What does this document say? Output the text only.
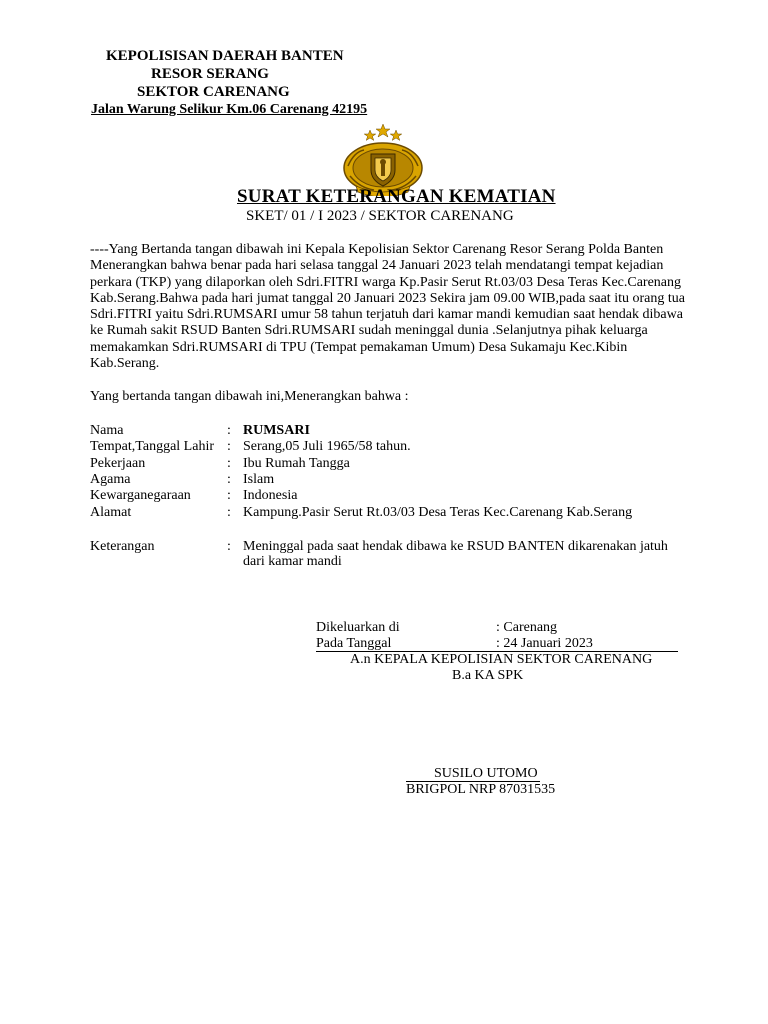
KEPOLISISAN DAERAH BANTEN
RESOR SERANG
SEKTOR CARENANG
Jalan Warung Selikur Km.06 Carenang 42195
SURAT KETERANGAN KEMATIAN
SKET/ 01 / I 2023 / SEKTOR CARENANG
----Yang Bertanda tangan dibawah ini Kepala Kepolisian Sektor Carenang Resor Serang Polda Banten
Menerangkan bahwa benar pada hari selasa tanggal 24 Januari 2023 telah mendatangi tempat kejadian
perkara (TKP) yang dilaporkan oleh Sdri.FITRI warga Kp.Pasir Serut Rt.03/03 Desa Teras Kec.Carenang
Kab.Serang.Bahwa pada hari jumat tanggal 20 Januari 2023 Sekira jam 09.00 WIB,pada saat itu orang tua
Sdri.FITRI yaitu Sdri.RUMSARI umur 58 tahun terjatuh dari kamar mandi kemudian saat hendak dibawa
ke Rumah sakit RSUD Banten Sdri.RUMSARI sudah meninggal dunia .Selanjutnya pihak keluarga
memakamkan Sdri.RUMSARI di TPU (Tempat pemakaman Umum) Desa Sukamaju Kec.Kibin
Kab.Serang.
Yang bertanda tangan dibawah ini,Menerangkan bahwa :
Nama	: RUMSARI
Tempat,Tanggal Lahir : Serang,05 Juli 1965/58 tahun.
Pekerjaan	: Ibu Rumah Tangga
Agama	: Islam
Kewarganegaraan	: Indonesia
Alamat	: Kampung.Pasir Serut Rt.03/03 Desa Teras Kec.Carenang Kab.Serang
Keterangan	: Meninggal pada saat hendak dibawa ke RSUD BANTEN dikarenakan jatuh
dari kamar mandi
Dikeluarkan di	: Carenang
Pada Tanggal	: 24 Januari 2023
A.n KEPALA KEPOLISIAN SEKTOR CARENANG
B.a KA SPK
SUSILO UTOMO
BRIGPOL NRP 87031535
